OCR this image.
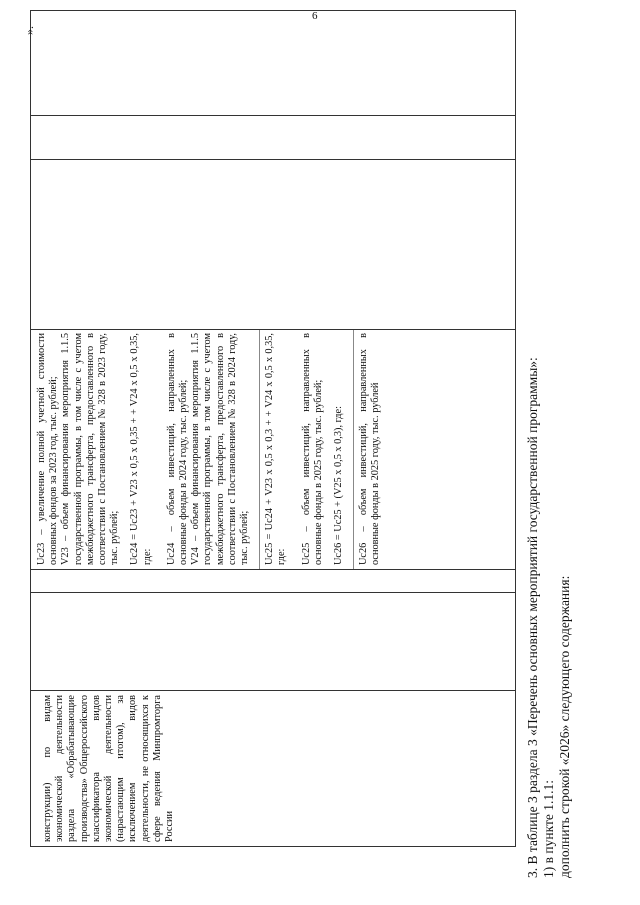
6
конструкции) по видам экономической деятельности раздела «Обрабатывающие производства» Общероссийского классификатора видов экономической деятельности (нарастающим итогом), за исключением видов деятельности, не относящихся к сфере ведения Минпромторга России
Uс23 – увеличение полной учетной стоимости основных фондов за 2023 год, тыс. рублей;
V23 – объем финансирования мероприятия 1.1.5 государственной программы, в том числе с учетом межбюджетного трансферта, предоставленного в соответствии с Постановлением № 328 в 2023 году, тыс. рублей; Uс24 = Uс23 + V23 x 0,5 x 0,35 + + V24 x 0,5 x 0,35, где: Uс24 – объем инвестиций, направленных в основные фонды в 2024 году, тыс. рублей;
V24 – объем финансирования мероприятия 1.1.5 государственной программы, в том числе с учетом межбюджетного трансферта, предоставленного в соответствии с Постановлением № 328 в 2024 году, тыс. рублей; Uс25 = Uс24 + V23 x 0,5 x 0,3 + + V24 x 0,5 x 0,35, где: Uс25 – объем инвестиций, направленных в основные фонды в 2025 году, тыс. рублей; Uс26 = Uс25 + (V25 x 0,5 x 0,3), где: Uс26 – объем инвестиций, направленных в основные фонды в 2025 году, тыс. рублей
».
3. В таблице 3 раздела 3 «Перечень основных мероприятий государственной программы»: 1) в пункте 1.1.1: дополнить строкой «2026» следующего содержания:
